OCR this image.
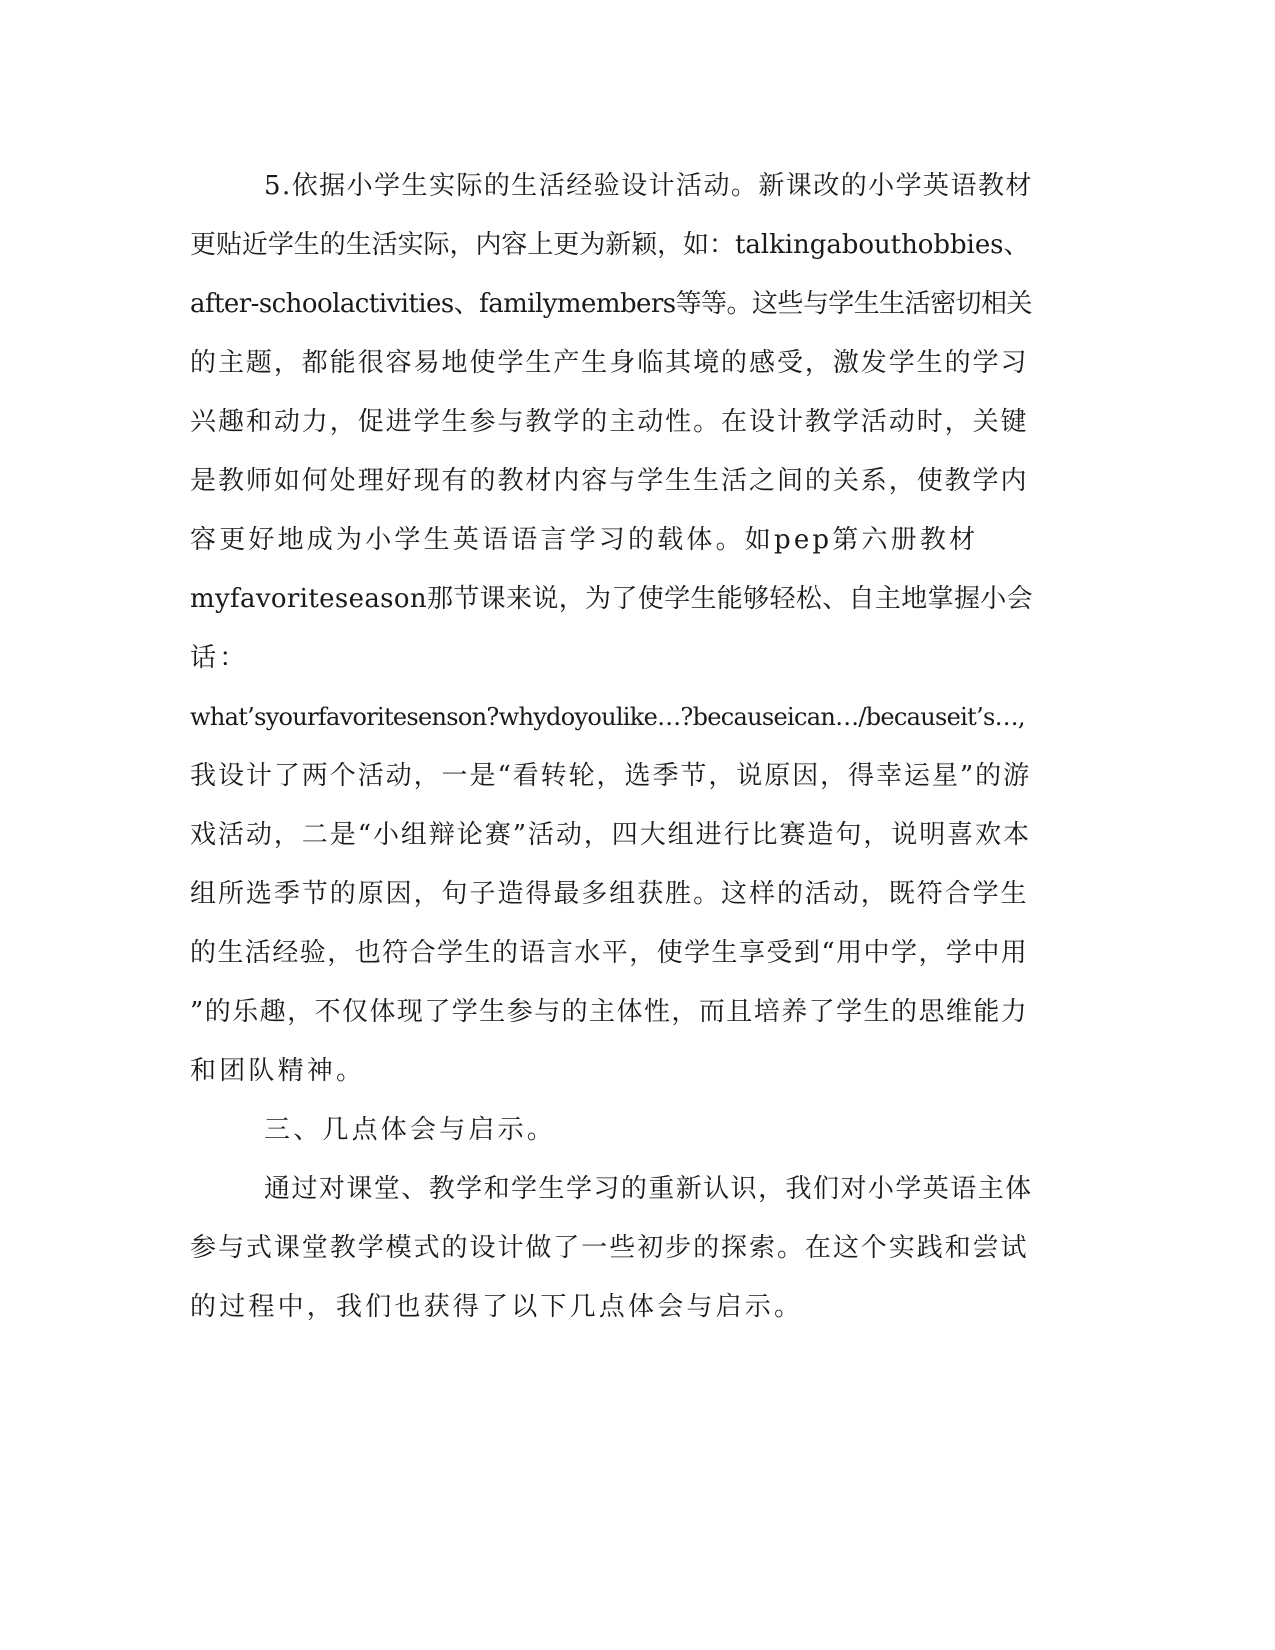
5.依据小学生实际的生活经验设计活动。新课改的小学英语教材
更贴近学生的生活实际，内容上更为新颖，如：talkingabouthobbies、
after-schoolactivities、familymembers等等。这些与学生生活密切相关
的主题，都能很容易地使学生产生身临其境的感受，激发学生的学习
兴趣和动力，促进学生参与教学的主动性。在设计教学活动时，关键
是教师如何处理好现有的教材内容与学生生活之间的关系，使教学内
容更好地成为小学生英语语言学习的载体。如pep第六册教材
myfavoriteseason那节课来说，为了使学生能够轻松、自主地掌握小会
话：
what’syourfavoritesenson?whydoyoulike…?becauseican…/becauseit’s…,
我设计了两个活动，一是“看转轮，选季节，说原因，得幸运星”的游
戏活动，二是“小组辩论赛”活动，四大组进行比赛造句，说明喜欢本
组所选季节的原因，句子造得最多组获胜。这样的活动，既符合学生
的生活经验，也符合学生的语言水平，使学生享受到“用中学，学中用
”的乐趣，不仅体现了学生参与的主体性，而且培养了学生的思维能力
和团队精神。
三、几点体会与启示。
通过对课堂、教学和学生学习的重新认识，我们对小学英语主体
参与式课堂教学模式的设计做了一些初步的探索。在这个实践和尝试
的过程中，我们也获得了以下几点体会与启示。
